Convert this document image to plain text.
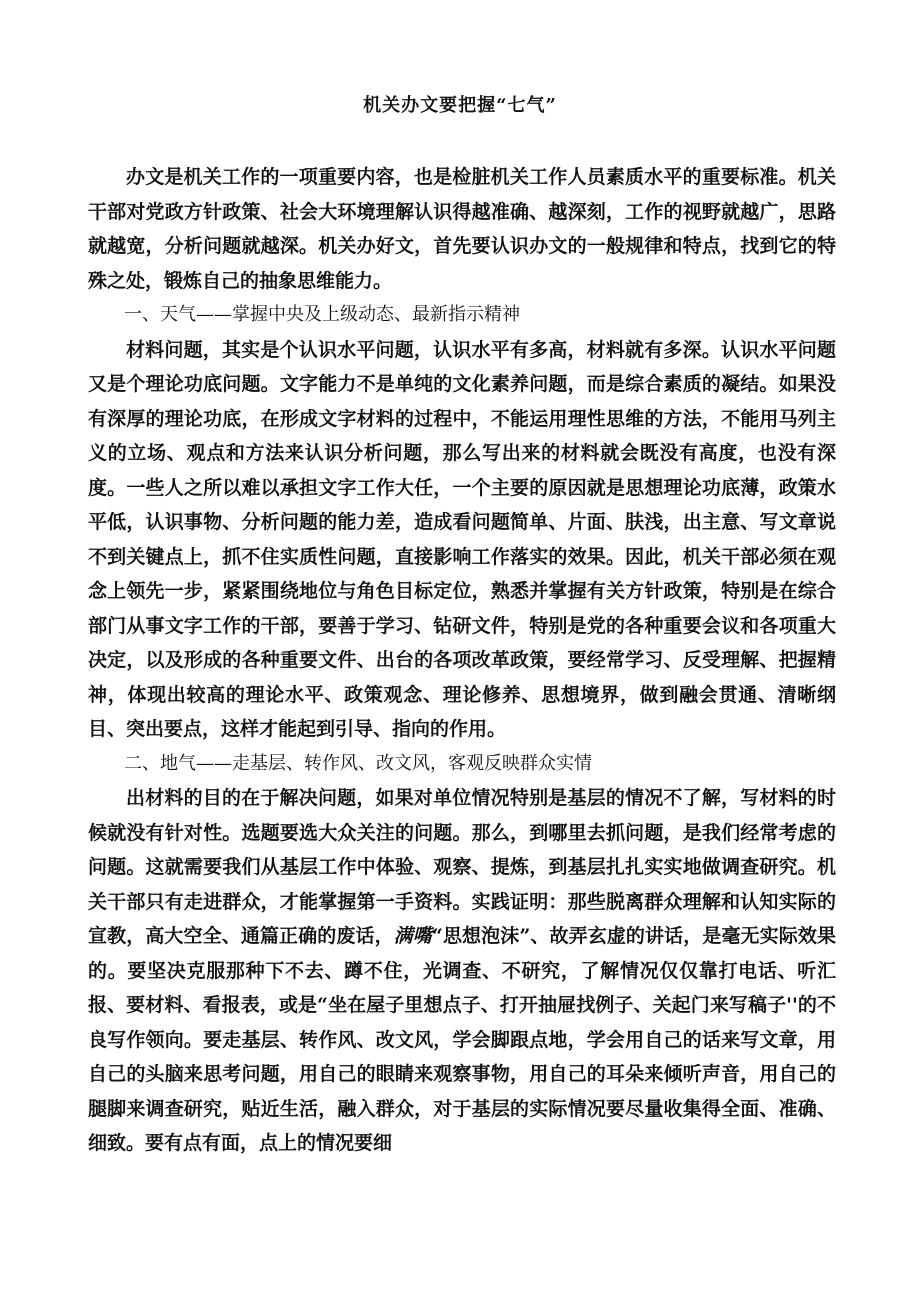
机关办文要把握“七气”

办文是机关工作的一项重要内容，也是检脏机关工作人员素质水平的重要标准。机关干部对党政方针政策、社会大环境理解认识得越准确、越深刻，工作的视野就越广，思路就越宽，分析问题就越深。机关办好文，首先要认识办文的一般规律和特点，找到它的特殊之处，锻炼自己的抽象思维能力。

一、天气——掌握中央及上级动态、最新指示精神

材料问题，其实是个认识水平问题，认识水平有多高，材料就有多深。认识水平问题又是个理论功底问题。文字能力不是单纯的文化素养问题，而是综合素质的凝结。如果没有深厚的理论功底，在形成文字材料的过程中，不能运用理性思维的方法，不能用马列主义的立场、观点和方法来认识分析问题，那么写出来的材料就会既没有高度，也没有深度。一些人之所以难以承担文字工作大任，一个主要的原因就是思想理论功底薄，政策水平低，认识事物、分析问题的能力差，造成看问题简单、片面、肤浅，出主意、写文章说不到关键点上，抓不住实质性问题，直接影响工作落实的效果。因此，机关干部必须在观念上领先一步，紧紧围绕地位与角色目标定位，熟悉并掌握有关方针政策，特别是在综合部门从事文字工作的干部，要善于学习、钻研文件，特别是党的各种重要会议和各项重大决定，以及形成的各种重要文件、出台的各项改革政策，要经常学习、反受理解、把握精神，体现出较高的理论水平、政策观念、理论修养、思想境界，做到融会贯通、清晰纲目、突出要点，这样才能起到引导、指向的作用。

二、地气——走基层、转作风、改文风，客观反映群众实情

出材料的目的在于解决问题，如果对单位情况特别是基层的情况不了解，写材料的时候就没有针对性。选题要选大众关注的问题。那么，到哪里去抓问题，是我们经常考虑的问题。这就需要我们从基层工作中体验、观察、提炼，到基层扎扎实实地做调查研究。机关干部只有走进群众，才能掌握第一手资料。实践证明：那些脱离群众理解和认知实际的宣教，高大空全、通篇正确的废话，满嘴“思想泡沫”、故弄玄虚的讲话，是毫无实际效果的。要坚决克服那种下不去、蹲不住，光调查、不研究，了解情况仅仅靠打电话、听汇报、要材料、看报表，或是“坐在屋子里想点子、打开抽屉找例子、关起门来写稿子''的不良写作领向。要走基层、转作风、改文风，学会脚跟点地，学会用自己的话来写文章，用自己的头脑来思考问题，用自己的眼睛来观察事物，用自己的耳朵来倾听声音，用自己的腿脚来调查研究，贴近生活，融入群众，对于基层的实际情况要尽量收集得全面、准确、细致。要有点有面，点上的情况要细
